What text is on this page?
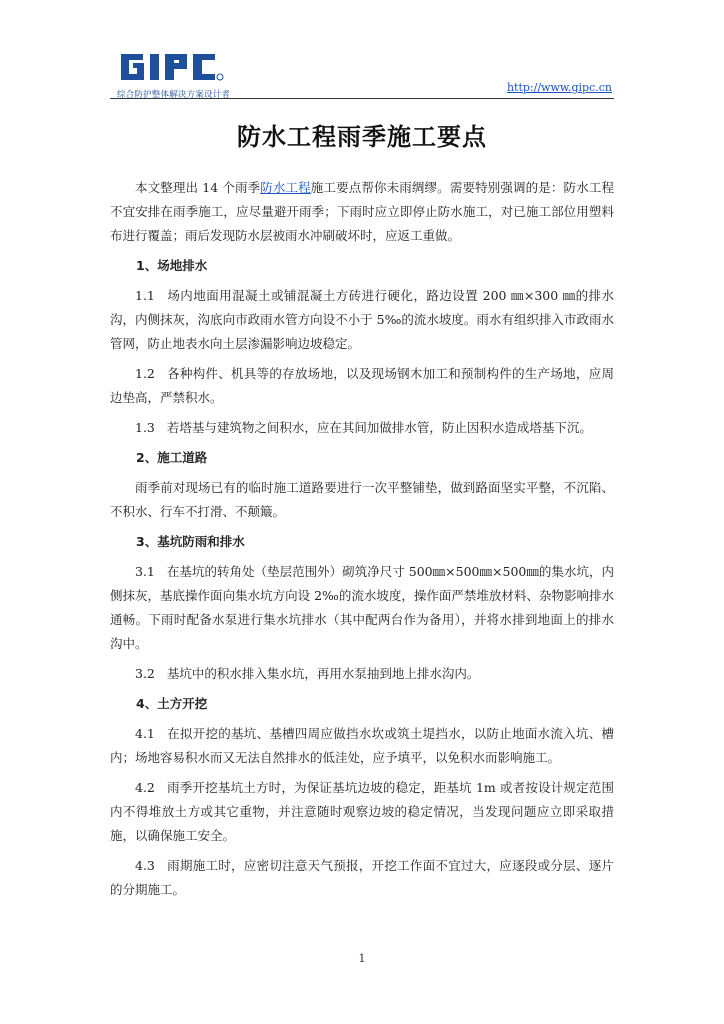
综合防护整体解决方案设计者
http://www.gipc.cn
防水工程雨季施工要点

本文整理出 14 个雨季防水工程施工要点帮你未雨绸缪。需要特别强调的是：防水工程不宜安排在雨季施工，应尽量避开雨季；下雨时应立即停止防水施工，对已施工部位用塑料布进行覆盖；雨后发现防水层被雨水冲刷破坏时，应返工重做。

1、场地排水

1.1 场内地面用混凝土或铺混凝土方砖进行硬化，路边设置 200 ㎜×300 ㎜的排水沟，内侧抹灰，沟底向市政雨水管方向设不小于 5‰的流水坡度。雨水有组织排入市政雨水管网，防止地表水向土层渗漏影响边坡稳定。

1.2 各种构件、机具等的存放场地，以及现场钢木加工和预制构件的生产场地，应周边垫高，严禁积水。

1.3 若塔基与建筑物之间积水，应在其间加做排水管，防止因积水造成塔基下沉。

2、施工道路

雨季前对现场已有的临时施工道路要进行一次平整铺垫，做到路面坚实平整，不沉陷、不积水、行车不打滑、不颠簸。

3、基坑防雨和排水

3.1 在基坑的转角处（垫层范围外）砌筑净尺寸 500㎜×500㎜×500㎜的集水坑，内侧抹灰，基底操作面向集水坑方向设 2‰的流水坡度，操作面严禁堆放材料、杂物影响排水通畅。下雨时配备水泵进行集水坑排水（其中配两台作为备用），并将水排到地面上的排水沟中。

3.2 基坑中的积水排入集水坑，再用水泵抽到地上排水沟内。

4、土方开挖

4.1 在拟开挖的基坑、基槽四周应做挡水坎或筑土堤挡水，以防止地面水流入坑、槽内；场地容易积水而又无法自然排水的低洼处，应予填平，以免积水而影响施工。

4.2 雨季开挖基坑土方时，为保证基坑边坡的稳定，距基坑 1m 或者按设计规定范围内不得堆放土方或其它重物，并注意随时观察边坡的稳定情况，当发现问题应立即采取措施，以确保施工安全。

4.3 雨期施工时，应密切注意天气预报，开挖工作面不宜过大，应逐段或分层、逐片的分期施工。

1
